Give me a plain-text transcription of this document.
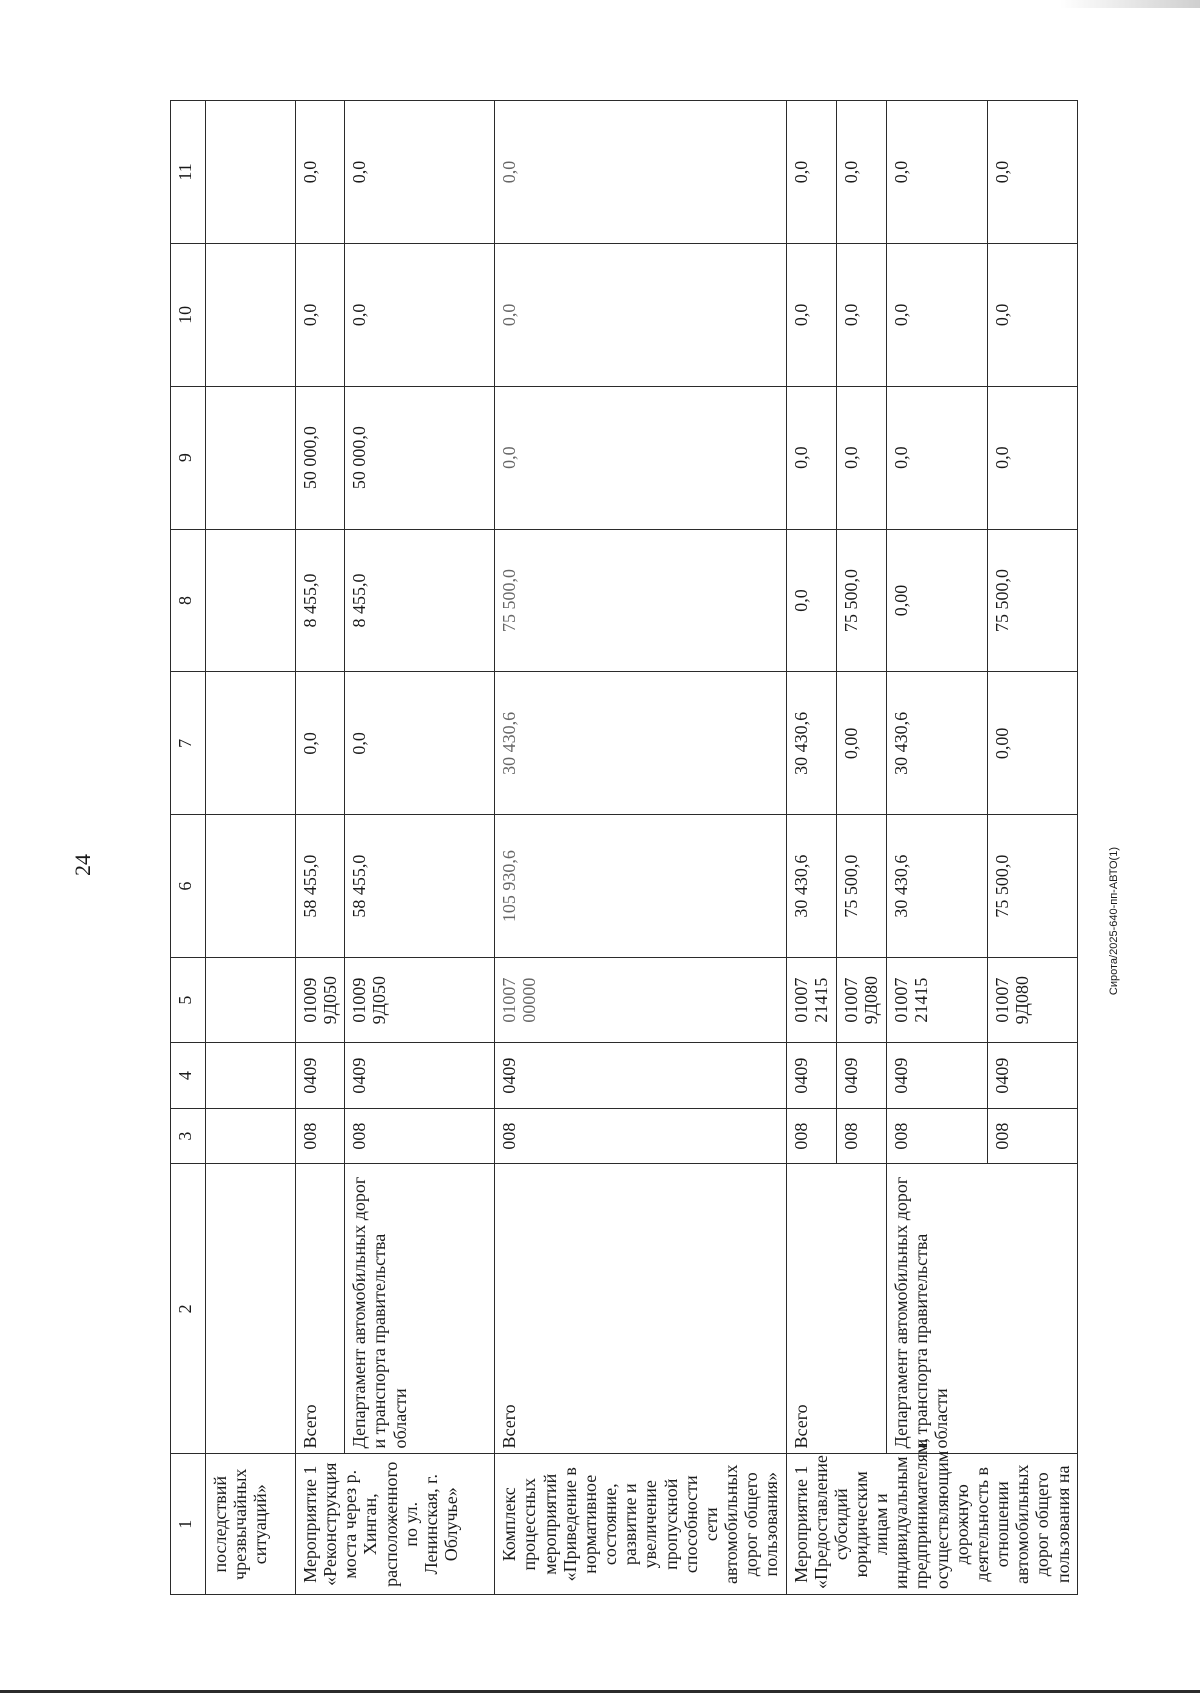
24	Сирота/2025-640-пп-АВТО(1)
1	2	3	4	5	6	7	8	9	10	11
последствий чрезвычайных ситуаций»										
Мероприятие 1 «Реконструкция моста через р. Хинган, расположенного по ул. Ленинская, г. Облучье»	Всего	008	0409	01009 9Д050	58 455,0	0,0	8 455,0	50 000,0	0,0	0,0
	Департамент автомобильных дорог и транспорта правительства области	008	0409	01009 9Д050	58 455,0	0,0	8 455,0	50 000,0	0,0	0,0
Комплекс процессных мероприятий «Приведение в нормативное состояние, развитие и увеличение пропускной способности сети автомобильных дорог общего пользования»	Всего	008	0409	01007 00000	105 930,6	30 430,6	75 500,0	0,0	0,0	0,0
Мероприятие 1 «Предоставление субсидий юридическим лицам и индивидуальным предпринимателям, осуществляющим дорожную деятельность в отношении автомобильных дорог общего пользования на	Всего	008	0409	01007 21415	30 430,6	30 430,6	0,0	0,0	0,0	0,0
		008	0409	01007 9Д080	75 500,0	0,00	75 500,0	0,0	0,0	0,0
	Департамент автомобильных дорог и транспорта правительства области	008	0409	01007 21415	30 430,6	30 430,6	0,00	0,0	0,0	0,0
		008	0409	01007 9Д080	75 500,0	0,00	75 500,0	0,0	0,0	0,0
